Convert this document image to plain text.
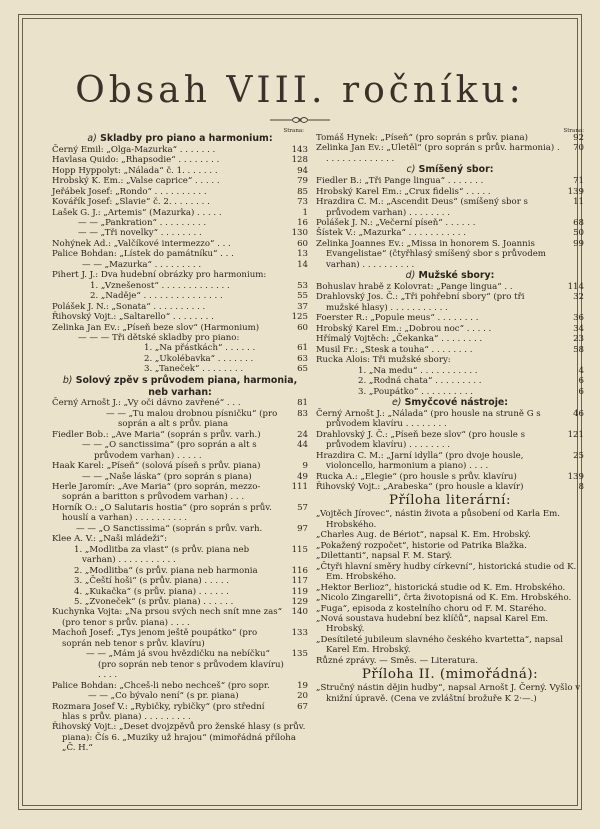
Obsah VIII. ročníku:
Strana:
a) Skladby pro piano a harmonium:
Černý Emil: „Olga-Mazurka“ . . . . . . .	143
Havlasa Quido: „Rhapsodie“ . . . . . . . .	128
Hopp Hyppolyt: „Nálada“ č. 1. . . . . . .	94
Hrobský K. Em.: „Valse caprice“ . . . . .	79
Jeřábek Josef: „Rondo“ . . . . . . . . . .	85
Kovářík Josef: „Slavie“ č. 2. . . . . . . .	73
Lašek G. J.: „Artemis“ (Mazurka) . . . . .	1
— — „Pankration“ . . . . . . . . .	16
— — „Tři novelky“ . . . . . . . .	130
Nohýnek Ad.: „Valčíkové intermezzo“ . . .	60
Palice Bohdan: „Lístek do památníku“ . . .	13
— — „Mazurka“ . . . . . . . . .	14
Pihert J. J.: Dva hudební obrázky pro harmonium:
1. „Vznešenost“ . . . . . . . . . . . . .	53
2. „Naděje“ . . . . . . . . . . . . . . .	55
Polášek J. N.: „Sonata“ . . . . . . . . . .	37
Řihovský Vojt.: „Saltarello“ . . . . . . . .	125
Zelinka Jan Ev.: „Píseň beze slov“ (Harmonium)	60
— — — Tři dětské skladby pro piano:
1. „Na přástkách“ . . . . . .	61
2. „Ukolébavka“ . . . . . . .	63
3. „Taneček“ . . . . . . . .	65
b) Solový zpěv s průvodem piana, harmonia, neb varhan:
Černý Arnošt J.: „Vy oči dávno zavřené“ . . .	81
— — „Tu malou drobnou písničku“ (pro soprán a alt s prův. piana
83
Fiedler Bob.: „Ave Maria“ (soprán s prův. varh.)	24
— — „O sanctissima“ (pro soprán a alt s průvodem varhan) . . . . .
44
Haak Karel: „Píseň“ (solová píseň s prův. piana)	9
— — „Naše láska“ (pro soprán s piana)	49
Herle Jaromír: „Ave Maria“ (pro soprán, mezzo-soprán a baritton s průvodem varhan) . . .
111
Horník O.: „O Salutaris hostia“ (pro soprán s prův. houslí a varhan) . . . . . . . . . .
57
— — „O Sanctissima“ (soprán s prův. varh.	97
Klee A. V.: „Naši mládeži“:
1. „Modlitba za vlast“ (s prův. piana neb varhan) . . . . . . . . . . .
115
2. „Modlitba“ (s prův. piana neb harmonia	116
3. „Čeští hoši“ (s prův. piana) . . . . .	117
4. „Kukačka“ (s prův. piana) . . . . . .	119
5. „Zvoneček“ (s prův. piana) . . . . . .	129
Kuchynka Vojta: „Na prsou svých nech snít mne zas“ (pro tenor s prův. piana) . . . .
140
Machoň Josef: „Tys jenom ještě poupátko“ (pro soprán neb tenor s prův. klavíru)
133
— — „Mám já svou hvězdičku na nebíčku“ (pro soprán neb tenor s průvodem klavíru) . . . .
135
Palice Bohdan: „Chceš-li nebo nechceš“ (pro sopr.	19
— — „Co bývalo není“ (s pr. piana)	20
Rozmara Josef V.: „Rybičky, rybičky“ (pro střední hlas s prův. piana) . . . . . . . . .
67
Řihovský Vojt.: „Deset dvojzpěvů pro ženské hlasy (s prův. piana): Čís 6. „Muziky už hrajou“ (mimořádná příloha „Č. H.“
Strana:
Tomáš Hynek: „Píseň“ (pro soprán s prův. piana)	92
Zelinka Jan Ev.: „Uletěl“ (pro soprán s prův. harmonia) . . . . . . . . . . . . . .
70
c) Smíšený sbor:
Fiedler B.: „Tři Pange lingua“ . . . . . . .	71
Hrobský Karel Em.: „Crux fidelis“ . . . . .	139
Hrazdira C. M.: „Ascendit Deus“ (smíšený sbor s průvodem varhan) . . . . . . . .
11
Polášek J. N.: „Večerní píseň“ . . . . . .	68
Šístek V.: „Mazurka“ . . . . . . . . . . .	50
Zelinka Joannes Ev.: „Missa in honorem S. Joannis Evangelistae“ (čtyřhlasý smíšený sbor s průvodem varhan) . . . . . . . . . .
99
d) Mužské sbory:
Bohuslav hrabě z Kolovrat: „Pange lingua“ . .	114
Drahlovský Jos. Č.: „Tři pohřební sbory“ (pro tři mužské hlasy) . . . . . . . . . . .
32
Foerster R.: „Popule meus“ . . . . . . . .	36
Hrobský Karel Em.: „Dobrou noc“ . . . . .	34
Hřímalý Vojtěch: „Čekanka“ . . . . . . . .	23
Musil Fr.: „Stesk a touha“ . . . . . . . .	58
Rucka Alois: Tři mužské sbory:
1. „Na medu“ . . . . . . . . . . .	4
2. „Rodná chata“ . . . . . . . . .	6
3. „Poupátko“ . . . . . . . . . .	6
e) Smyčcové nástroje:
Černý Arnošt J.: „Nálada“ (pro housle na struně G s průvodem klavíru . . . . . . . .
46
Drahlovský J. Č.: „Píseň beze slov“ (pro housle s průvodem klavíru) . . . . . . . .
121
Hrazdira C. M.: „Jarní idylla“ (pro dvoje housle, violoncello, harmonium a piano) . . . .
25
Rucka A.: „Elegie“ (pro housle s prův. klavíru)	139
Řihovský Vojt.: „Arabeska“ (pro housle a klavír)	8
Příloha literární:
„Vojtěch Jírovec“, nástin života a působení od Karla Em. Hrobského.
„Charles Aug. de Bériot“, napsal K. Em. Hrobský.
„Pokažený rozpočet“, historie od Patrika Blažka.
„Dilettanti“, napsal F. M. Starý.
„Čtyři hlavní směry hudby církevní“, historická studie od K. Em. Hrobského.
„Hektor Berlioz“, historická studie od K. Em. Hrobského.
„Nicolo Zingarelli“, črta životopisná od K. Em. Hrobského.
„Fuga“, episoda z kostelního choru od F. M. Starého.
„Nová soustava hudební bez klíčů“, napsal Karel Em. Hrobský.
„Desítileté jubileum slavného českého kvartetta“, napsal Karel Em. Hrobský.
Různé zprávy. — Směs. — Literatura.
Příloha II. (mimořádná):
„Stručný nástin dějin hudby“, napsal Arnošt J. Černý. Vyšlo v knižní úpravě. (Cena ve zvláštní brožuře K 2·—.)
